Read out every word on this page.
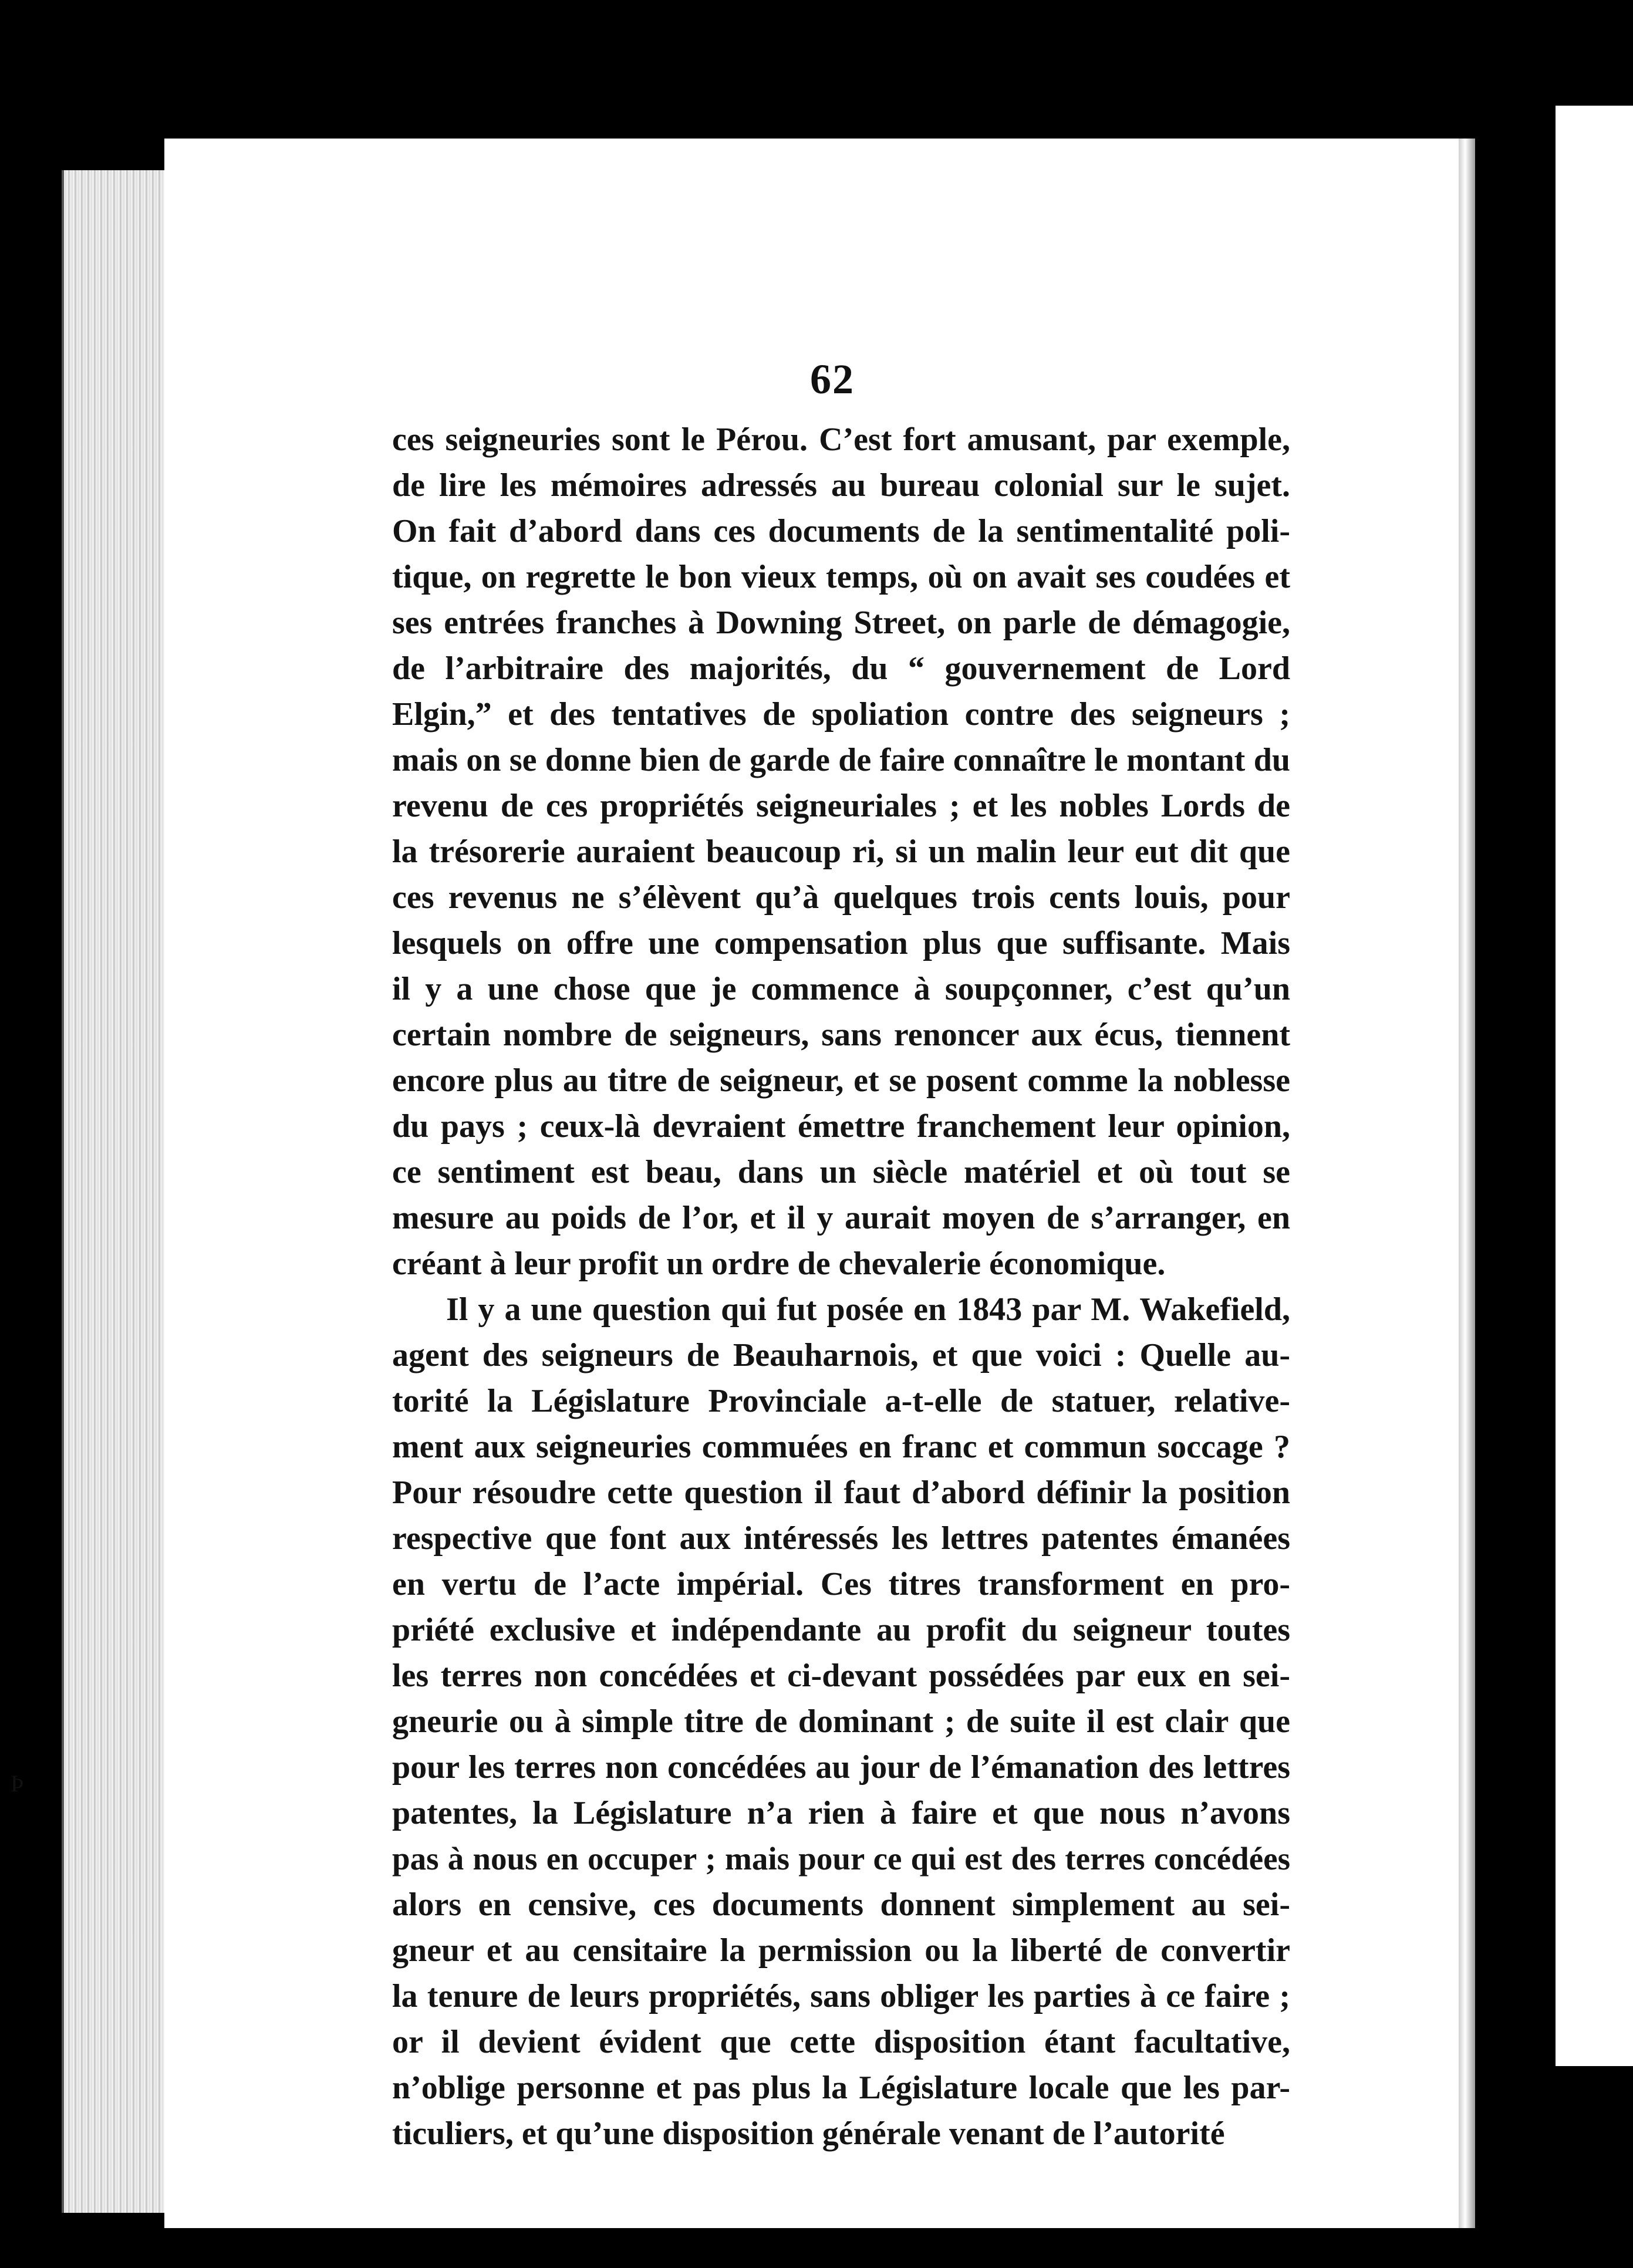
Þ
62
ces seigneuries sont le Pérou. C’est fort amusant, par exemple,
de lire les mémoires adressés au bureau colonial sur le sujet.
On fait d’abord dans ces documents de la sentimentalité poli-
tique, on regrette le bon vieux temps, où on avait ses coudées et
ses entrées franches à Downing Street, on parle de démagogie,
de l’arbitraire des majorités, du “ gouvernement de Lord
Elgin,” et des tentatives de spoliation contre des seigneurs ;
mais on se donne bien de garde de faire connaître le montant du
revenu de ces propriétés seigneuriales ; et les nobles Lords de
la trésorerie auraient beaucoup ri, si un malin leur eut dit que
ces revenus ne s’élèvent qu’à quelques trois cents louis, pour
lesquels on offre une compensation plus que suffisante. Mais
il y a une chose que je commence à soupçonner, c’est qu’un
certain nombre de seigneurs, sans renoncer aux écus, tiennent
encore plus au titre de seigneur, et se posent comme la noblesse
du pays ; ceux-là devraient émettre franchement leur opinion,
ce sentiment est beau, dans un siècle matériel et où tout se
mesure au poids de l’or, et il y aurait moyen de s’arranger, en
créant à leur profit un ordre de chevalerie économique.
Il y a une question qui fut posée en 1843 par M. Wakefield,
agent des seigneurs de Beauharnois, et que voici : Quelle au-
torité la Législature Provinciale a-t-elle de statuer, relative-
ment aux seigneuries commuées en franc et commun soccage ?
Pour résoudre cette question il faut d’abord définir la position
respective que font aux intéressés les lettres patentes émanées
en vertu de l’acte impérial. Ces titres transforment en pro-
priété exclusive et indépendante au profit du seigneur toutes
les terres non concédées et ci-devant possédées par eux en sei-
gneurie ou à simple titre de dominant ; de suite il est clair que
pour les terres non concédées au jour de l’émanation des lettres
patentes, la Législature n’a rien à faire et que nous n’avons
pas à nous en occuper ; mais pour ce qui est des terres concédées
alors en censive, ces documents donnent simplement au sei-
gneur et au censitaire la permission ou la liberté de convertir
la tenure de leurs propriétés, sans obliger les parties à ce faire ;
or il devient évident que cette disposition étant facultative,
n’oblige personne et pas plus la Législature locale que les par-
ticuliers, et qu’une disposition générale venant de l’autorité
